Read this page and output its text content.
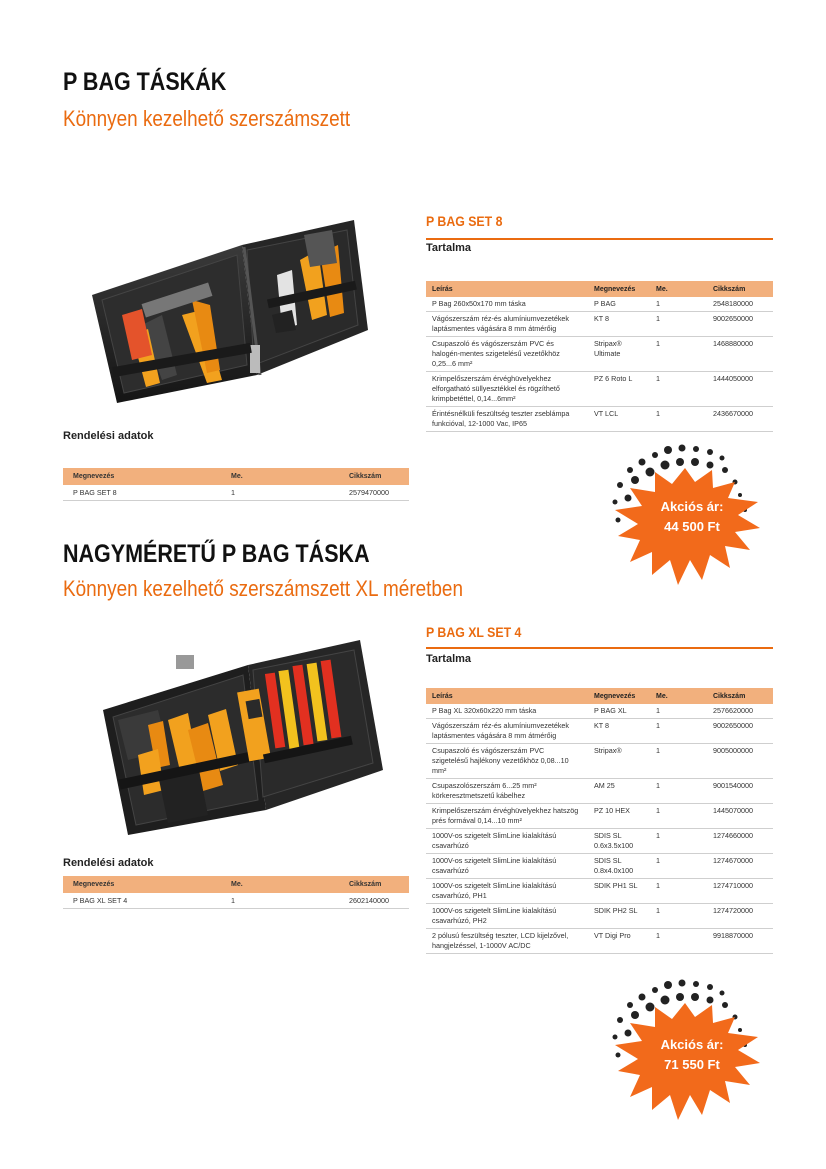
P BAG TÁSKÁK
Könnyen kezelhető szerszámszett
P BAG SET 8
Tartalma
Leírás	Megnevezés	Me.	Cikkszám
P Bag 260x50x170 mm táska	P BAG	1	2548180000
Vágószerszám réz-és alumíniumvezetékek laptásmentes vágására 8 mm átmérőig	KT 8	1	9002650000
Csupaszoló és vágószerszám PVC és halogén-mentes szigetelésű vezetőkhöz 0,25...6 mm²	Stripax® Ultimate	1	1468880000
Krimpelőszerszám érvéghüvelyekhez elforgatható süllyesztékkel és rögzíthető krimpbetéttel, 0,14...6mm²	PZ 6 Roto L	1	1444050000
Érintésnélküli feszültség teszter zseblámpa funkcióval, 12-1000 Vac, IP65	VT LCL	1	2436670000
Rendelési adatok
Megnevezés	Me.	Cikkszám
P BAG SET 8	1	2579470000
Akciós ár:
44 500 Ft
NAGYMÉRETŰ P BAG TÁSKA
Könnyen kezelhető szerszámszett XL méretben
P BAG XL SET 4
Tartalma
Leírás	Megnevezés	Me.	Cikkszám
P Bag XL 320x60x220 mm táska	P BAG XL	1	2576620000
Vágószerszám réz-és alumíniumvezetékek laptásmentes vágására 8 mm átmérőig	KT 8	1	9002650000
Csupaszoló és vágószerszám PVC szigetelésű hajlékony vezetőkhöz 0,08...10 mm²	Stripax®	1	9005000000
Csupaszolószerszám 6...25 mm² körkeresztmetszetű kábelhez	AM 25	1	9001540000
Krimpelőszerszám érvéghüvelyekhez hatszög prés formával 0,14...10 mm²	PZ 10 HEX	1	1445070000
1000V-os szigetelt SlimLine kialakítású csavarhúzó	SDIS SL 0.6x3.5x100	1	1274660000
1000V-os szigetelt SlimLine kialakítású csavarhúzó	SDIS SL 0.8x4.0x100	1	1274670000
1000V-os szigetelt SlimLine kialakítású csavarhúzó, PH1	SDIK PH1 SL	1	1274710000
1000V-os szigetelt SlimLine kialakítású csavarhúzó, PH2	SDIK PH2 SL	1	1274720000
2 pólusú feszültség teszter, LCD kijelzővel, hangjelzéssel, 1-1000V AC/DC	VT Digi Pro	1	9918870000
Rendelési adatok
Megnevezés	Me.	Cikkszám
P BAG XL SET 4	1	2602140000
Akciós ár:
71 550 Ft
